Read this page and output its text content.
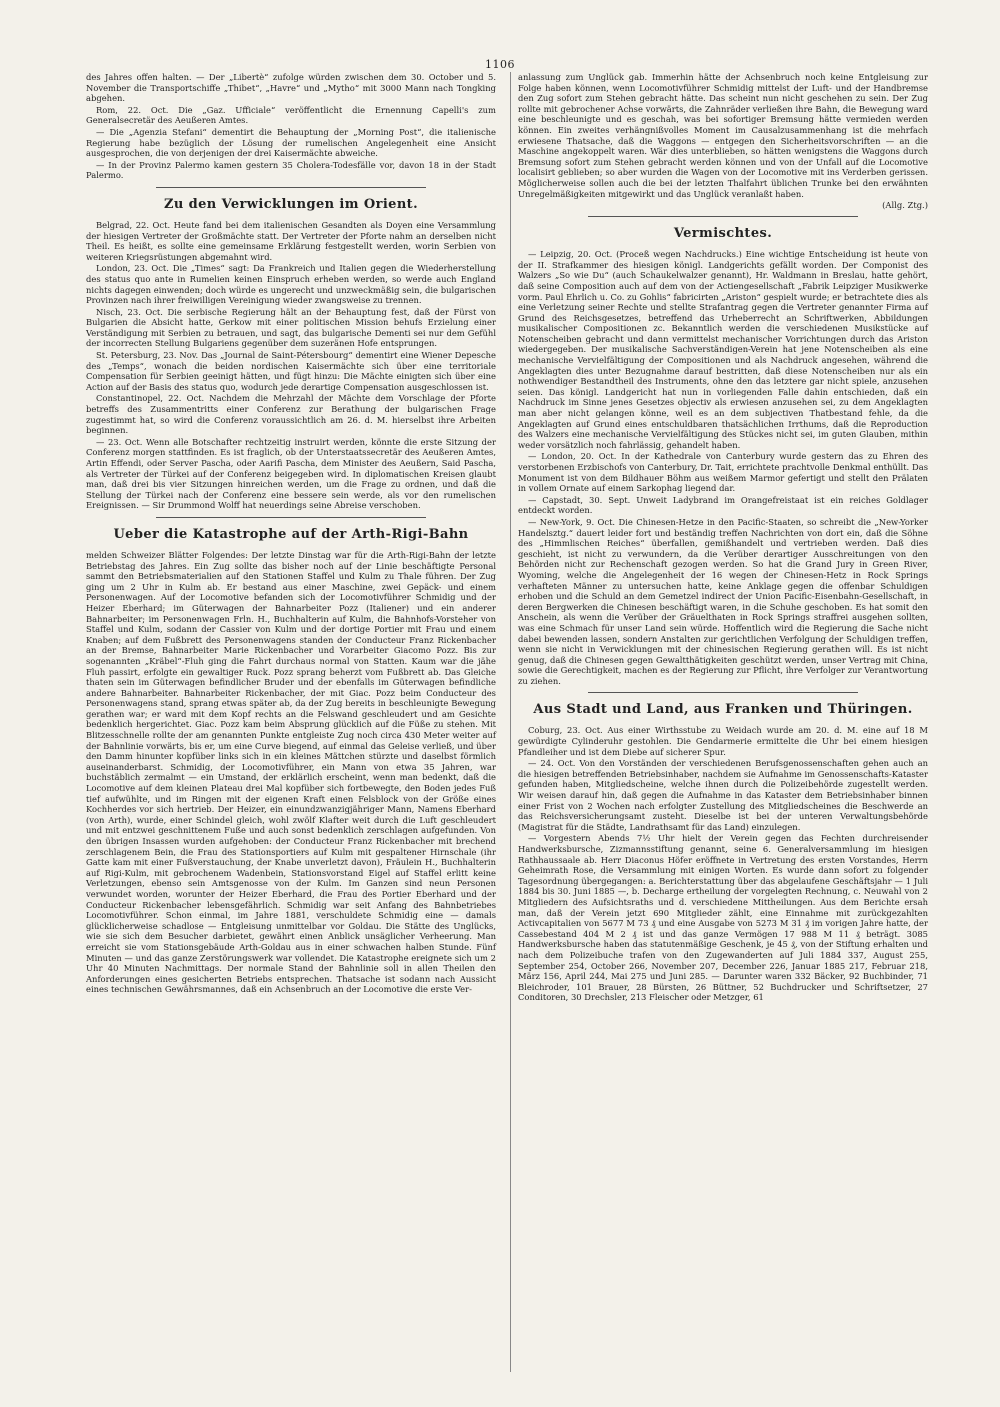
1106

des Jahres offen halten. — Der „Libertè“ zufolge würden zwischen dem 30. October und 5. November die Transportschiffe „Thibet“, „Havre“ und „Mytho“ mit 3000 Mann nach Tongking abgehen.

Rom, 22. Oct. Die „Gaz. Ufficiale“ veröffentlicht die Ernennung Capelli's zum Generalsecretär des Aeußeren Amtes.

— Die „Agenzia Stefani“ dementirt die Behauptung der „Morning Post“, die italienische Regierung habe bezüglich der Lösung der rumelischen Angelegenheit eine Ansicht ausgesprochen, die von derjenigen der drei Kaisermächte abweiche.

— In der Provinz Palermo kamen gestern 35 Cholera-Todesfälle vor, davon 18 in der Stadt Palermo.

Zu den Verwicklungen im Orient.

Belgrad, 22. Oct. Heute fand bei dem italienischen Gesandten als Doyen eine Versammlung der hiesigen Vertreter der Großmächte statt. Der Vertreter der Pforte nahm an derselben nicht Theil. Es heißt, es sollte eine gemeinsame Erklärung festgestellt werden, worin Serbien von weiteren Kriegsrüstungen abgemahnt wird.

London, 23. Oct. Die „Times“ sagt: Da Frankreich und Italien gegen die Wiederherstellung des status quo ante in Rumelien keinen Einspruch erheben werden, so werde auch England nichts dagegen einwenden; doch würde es ungerecht und unzweckmäßig sein, die bulgarischen Provinzen nach ihrer freiwilligen Vereinigung wieder zwangsweise zu trennen.

Nisch, 23. Oct. Die serbische Regierung hält an der Behauptung fest, daß der Fürst von Bulgarien die Absicht hatte, Gerkow mit einer politischen Mission behufs Erzielung einer Verständigung mit Serbien zu betrauen, und sagt, das bulgarische Dementi sei nur dem Gefühl der incorrecten Stellung Bulgariens gegenüber dem suzeränen Hofe entsprungen.

St. Petersburg, 23. Nov. Das „Journal de Saint-Pétersbourg“ dementirt eine Wiener Depesche des „Temps“, wonach die beiden nordischen Kaisermächte sich über eine territoriale Compensation für Serbien geeinigt hätten, und fügt hinzu: Die Mächte einigten sich über eine Action auf der Basis des status quo, wodurch jede derartige Compensation ausgeschlossen ist.

Constantinopel, 22. Oct. Nachdem die Mehrzahl der Mächte dem Vorschlage der Pforte betreffs des Zusammentritts einer Conferenz zur Berathung der bulgarischen Frage zugestimmt hat, so wird die Conferenz voraussichtlich am 26. d. M. hierselbst ihre Arbeiten beginnen.

— 23. Oct. Wenn alle Botschafter rechtzeitig instruirt werden, könnte die erste Sitzung der Conferenz morgen stattfinden. Es ist fraglich, ob der Unterstaatssecretär des Aeußeren Amtes, Artin Effendi, oder Server Pascha, oder Aarifi Pascha, dem Minister des Aeußern, Said Pascha, als Vertreter der Türkei auf der Conferenz beigegeben wird. In diplomatischen Kreisen glaubt man, daß drei bis vier Sitzungen hinreichen werden, um die Frage zu ordnen, und daß die Stellung der Türkei nach der Conferenz eine bessere sein werde, als vor den rumelischen Ereignissen. — Sir Drummond Wolff hat neuerdings seine Abreise verschoben.

Ueber die Katastrophe auf der Arth-Rigi-Bahn

melden Schweizer Blätter Folgendes: Der letzte Dinstag war für die Arth-Rigi-Bahn der letzte Betriebstag des Jahres. Ein Zug sollte das bisher noch auf der Linie beschäftigte Personal sammt den Betriebsmaterialien auf den Stationen Staffel und Kulm zu Thale führen. Der Zug ging um 2 Uhr in Kulm ab. Er bestand aus einer Maschine, zwei Gepäck- und einem Personenwagen. Auf der Locomotive befanden sich der Locomotivführer Schmidig und der Heizer Eberhard; im Güterwagen der Bahnarbeiter Pozz (Italiener) und ein anderer Bahnarbeiter; im Personenwagen Frln. H., Buchhalterin auf Kulm, die Bahnhofs-Vorsteher von Staffel und Kulm, sodann der Cassier von Kulm und der dortige Portier mit Frau und einem Knaben; auf dem Fußbrett des Personenwagens standen der Conducteur Franz Rickenbacher an der Bremse, Bahnarbeiter Marie Rickenbacher und Vorarbeiter Giacomo Pozz. Bis zur sogenannten „Kräbel“-Fluh ging die Fahrt durchaus normal von Statten. Kaum war die jähe Fluh passirt, erfolgte ein gewaltiger Ruck. Pozz sprang beherzt vom Fußbrett ab. Das Gleiche thaten sein im Güterwagen befindlicher Bruder und der ebenfalls im Güterwagen befindliche andere Bahnarbeiter. Bahnarbeiter Rickenbacher, der mit Giac. Pozz beim Conducteur des Personenwagens stand, sprang etwas später ab, da der Zug bereits in beschleunigte Bewegung gerathen war; er ward mit dem Kopf rechts an die Felswand geschleudert und am Gesichte bedenklich hergerichtet. Giac. Pozz kam beim Absprung glücklich auf die Füße zu stehen. Mit Blitzesschnelle rollte der am genannten Punkte entgleiste Zug noch circa 430 Meter weiter auf der Bahnlinie vorwärts, bis er, um eine Curve biegend, auf einmal das Geleise verließ, und über den Damm hinunter kopfüber links sich in ein kleines Mättchen stürzte und daselbst förmlich auseinanderbarst. Schmidig, der Locomotivführer, ein Mann von etwa 35 Jahren, war buchstäblich zermalmt — ein Umstand, der erklärlich erscheint, wenn man bedenkt, daß die Locomotive auf dem kleinen Plateau drei Mal kopfüber sich fortbewegte, den Boden jedes Fuß tief aufwühlte, und im Ringen mit der eigenen Kraft einen Felsblock von der Größe eines Kochherdes vor sich hertrieb. Der Heizer, ein einundzwanzigjähriger Mann, Namens Eberhard (von Arth), wurde, einer Schindel gleich, wohl zwölf Klafter weit durch die Luft geschleudert und mit entzwei geschnittenem Fuße und auch sonst bedenklich zerschlagen aufgefunden. Von den übrigen Insassen wurden aufgehoben: der Conducteur Franz Rickenbacher mit brechend zerschlagenem Bein, die Frau des Stationsportiers auf Kulm mit gespaltener Hirnschale (ihr Gatte kam mit einer Fußverstauchung, der Knabe unverletzt davon), Fräulein H., Buchhalterin auf Rigi-Kulm, mit gebrochenem Wadenbein, Stationsvorstand Eigel auf Staffel erlitt keine Verletzungen, ebenso sein Amtsgenosse von der Kulm. Im Ganzen sind neun Personen verwundet worden, worunter der Heizer Eberhard, die Frau des Portier Eberhard und der Conducteur Rickenbacher lebensgefährlich. Schmidig war seit Anfang des Bahnbetriebes Locomotivführer. Schon einmal, im Jahre 1881, verschuldete Schmidig eine — damals glücklicherweise schadlose — Entgleisung unmittelbar vor Goldau. Die Stätte des Unglücks, wie sie sich dem Besucher darbietet, gewährt einen Anblick unsäglicher Verheerung. Man erreicht sie vom Stationsgebäude Arth-Goldau aus in einer schwachen halben Stunde. Fünf Minuten — und das ganze Zerstörungswerk war vollendet. Die Katastrophe ereignete sich um 2 Uhr 40 Minuten Nachmittags. Der normale Stand der Bahnlinie soll in allen Theilen den Anforderungen eines gesicherten Betriebs entsprechen. Thatsache ist sodann nach Aussicht eines technischen Gewährsmannes, daß ein Achsenbruch an der Locomotive die erste Ver-

anlassung zum Unglück gab. Immerhin hätte der Achsenbruch noch keine Entgleisung zur Folge haben können, wenn Locomotivführer Schmidig mittelst der Luft- und der Handbremse den Zug sofort zum Stehen gebracht hätte. Das scheint nun nicht geschehen zu sein. Der Zug rollte mit gebrochener Achse vorwärts, die Zahnräder verließen ihre Bahn, die Bewegung ward eine beschleunigte und es geschah, was bei sofortiger Bremsung hätte vermieden werden können. Ein zweites verhängnißvolles Moment im Causalzusammenhang ist die mehrfach erwiesene Thatsache, daß die Waggons — entgegen den Sicherheitsvorschriften — an die Maschine angekoppelt waren. Wär dies unterblieben, so hätten wenigstens die Waggons durch Bremsung sofort zum Stehen gebracht werden können und von der Unfall auf die Locomotive localisirt geblieben; so aber wurden die Wagen von der Locomotive mit ins Verderben gerissen. Möglicherweise sollen auch die bei der letzten Thalfahrt üblichen Trunke bei den erwähnten Unregelmäßigkeiten mitgewirkt und das Unglück veranlaßt haben.

(Allg. Ztg.)
Vermischtes.

— Leipzig, 20. Oct. (Proceß wegen Nachdrucks.) Eine wichtige Entscheidung ist heute von der II. Strafkammer des hiesigen königl. Landgerichts gefällt worden. Der Componist des Walzers „So wie Du“ (auch Schaukelwalzer genannt), Hr. Waldmann in Breslau, hatte gehört, daß seine Composition auch auf dem von der Actiengesellschaft „Fabrik Leipziger Musikwerke vorm. Paul Ehrlich u. Co. zu Gohlis“ fabricirten „Ariston“ gespielt wurde; er betrachtete dies als eine Verletzung seiner Rechte und stellte Strafantrag gegen die Vertreter genannter Firma auf Grund des Reichsgesetzes, betreffend das Urheberrecht an Schriftwerken, Abbildungen musikalischer Compositionen zc. Bekanntlich werden die verschiedenen Musikstücke auf Notenscheiben gebracht und dann vermittelst mechanischer Vorrichtungen durch das Ariston wiedergegeben. Der musikalische Sachverständigen-Verein hat jene Notenscheiben als eine mechanische Vervielfältigung der Compositionen und als Nachdruck angesehen, während die Angeklagten dies unter Bezugnahme darauf bestritten, daß diese Notenscheiben nur als ein nothwendiger Bestandtheil des Instruments, ohne den das letztere gar nicht spiele, anzusehen seien. Das königl. Landgericht hat nun in vorliegenden Falle dahin entschieden, daß ein Nachdruck im Sinne jenes Gesetzes objectiv als erwiesen anzusehen sei, zu dem Angeklagten man aber nicht gelangen könne, weil es an dem subjectiven Thatbestand fehle, da die Angeklagten auf Grund eines entschuldbaren thatsächlichen Irrthums, daß die Reproduction des Walzers eine mechanische Vervielfältigung des Stückes nicht sei, im guten Glauben, mithin weder vorsätzlich noch fahrlässig, gehandelt haben.

— London, 20. Oct. In der Kathedrale von Canterbury wurde gestern das zu Ehren des verstorbenen Erzbischofs von Canterbury, Dr. Tait, errichtete prachtvolle Denkmal enthüllt. Das Monument ist von dem Bildhauer Böhm aus weißem Marmor gefertigt und stellt den Prälaten in vollem Ornate auf einem Sarkophag liegend dar.

— Capstadt, 30. Sept. Unweit Ladybrand im Orangefreistaat ist ein reiches Goldlager entdeckt worden.

— New-York, 9. Oct. Die Chinesen-Hetze in den Pacific-Staaten, so schreibt die „New-Yorker Handelsztg.“ dauert leider fort und beständig treffen Nachrichten von dort ein, daß die Söhne des „Himmlischen Reiches“ überfallen, gemißhandelt und vertrieben werden. Daß dies geschieht, ist nicht zu verwundern, da die Verüber derartiger Ausschreitungen von den Behörden nicht zur Rechenschaft gezogen werden. So hat die Grand Jury in Green River, Wyoming, welche die Angelegenheit der 16 wegen der Chinesen-Hetz in Rock Springs verhafteten Männer zu untersuchen hatte, keine Anklage gegen die offenbar Schuldigen erhoben und die Schuld an dem Gemetzel indirect der Union Pacific-Eisenbahn-Gesellschaft, in deren Bergwerken die Chinesen beschäftigt waren, in die Schuhe geschoben. Es hat somit den Anschein, als wenn die Verüber der Gräuelthaten in Rock Springs straffrei ausgehen sollten, was eine Schmach für unser Land sein würde. Hoffentlich wird die Regierung die Sache nicht dabei bewenden lassen, sondern Anstalten zur gerichtlichen Verfolgung der Schuldigen treffen, wenn sie nicht in Verwicklungen mit der chinesischen Regierung gerathen will. Es ist nicht genug, daß die Chinesen gegen Gewaltthätigkeiten geschützt werden, unser Vertrag mit China, sowie die Gerechtigkeit, machen es der Regierung zur Pflicht, ihre Verfolger zur Verantwortung zu ziehen.

Aus Stadt und Land, aus Franken und Thüringen.

Coburg, 23. Oct. Aus einer Wirthsstube zu Weidach wurde am 20. d. M. eine auf 18 M gewürdigte Cylinderuhr gestohlen. Die Gendarmerie ermittelte die Uhr bei einem hiesigen Pfandleiher und ist dem Diebe auf sicherer Spur.

— 24. Oct. Von den Vorständen der verschiedenen Berufsgenossenschaften gehen auch an die hiesigen betreffenden Betriebsinhaber, nachdem sie Aufnahme im Genossenschafts-Kataster gefunden haben, Mitgliedscheine, welche ihnen durch die Polizeibehörde zugestellt werden. Wir weisen darauf hin, daß gegen die Aufnahme in das Kataster dem Betriebsinhaber binnen einer Frist von 2 Wochen nach erfolgter Zustellung des Mitgliedscheines die Beschwerde an das Reichsversicherungsamt zusteht. Dieselbe ist bei der unteren Verwaltungsbehörde (Magistrat für die Städte, Landrathsamt für das Land) einzulegen.

— Vorgestern Abends 7½ Uhr hielt der Verein gegen das Fechten durchreisender Handwerksbursche, Zizmannsstiftung genannt, seine 6. Generalversammlung im hiesigen Rathhaussaale ab. Herr Diaconus Höfer eröffnete in Vertretung des ersten Vorstandes, Herrn Geheimrath Rose, die Versammlung mit einigen Worten. Es wurde dann sofort zu folgender Tagesordnung übergegangen: a. Berichterstattung über das abgelaufene Geschäftsjahr — 1 Juli 1884 bis 30. Juni 1885 —, b. Decharge ertheilung der vorgelegten Rechnung, c. Neuwahl von 2 Mitgliedern des Aufsichtsraths und d. verschiedene Mittheilungen. Aus dem Berichte ersah man, daß der Verein jetzt 690 Mitglieder zählt, eine Einnahme mit zurückgezahlten Activcapitalien von 5677 M 73 ₰ und eine Ausgabe von 5273 M 31 ₰ im vorigen Jahre hatte, der Cassebestand 404 M 2 ₰ ist und das ganze Vermögen 17 988 M 11 ₰ beträgt. 3085 Handwerksbursche haben das statutenmäßige Geschenk, je 45 ₰, von der Stiftung erhalten und nach dem Polizeibuche trafen von den Zugewanderten auf Juli 1884 337, August 255, September 254, October 266, November 207, December 226, Januar 1885 217, Februar 218, März 156, April 244, Mai 275 und Juni 285. — Darunter waren 332 Bäcker, 92 Buchbinder, 71 Bleichroder, 101 Brauer, 28 Bürsten, 26 Büttner, 52 Buchdrucker und Schriftsetzer, 27 Conditoren, 30 Drechsler, 213 Fleischer oder Metzger, 61
